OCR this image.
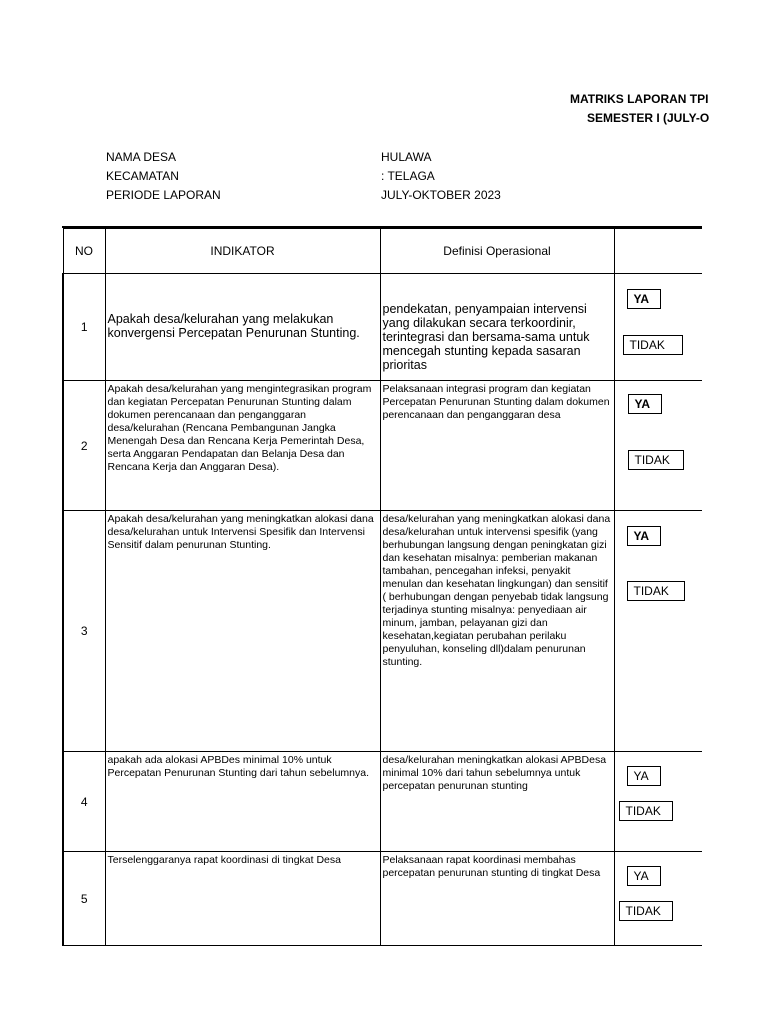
MATRIKS LAPORAN TPI
SEMESTER I (JULY-O
NAMA DESA	HULAWA
KECAMATAN	: TELAGA
PERIODE LAPORAN	JULY-OKTOBER 2023
NO	INDIKATOR	Definisi Operasional	
1	Apakah desa/kelurahan yang melakukan konvergensi Percepatan Penurunan Stunting.	pendekatan, penyampaian intervensi yang dilakukan secara terkoordinir, terintegrasi dan bersama-sama untuk mencegah stunting kepada sasaran prioritas	YA
TIDAK

2	Apakah desa/kelurahan yang mengintegrasikan program dan kegiatan Percepatan Penurunan Stunting dalam dokumen perencanaan dan penganggaran desa/kelurahan (Rencana Pembangunan Jangka Menengah Desa dan Rencana Kerja Pemerintah Desa, serta Anggaran Pendapatan dan Belanja Desa dan Rencana Kerja dan Anggaran Desa).	Pelaksanaan integrasi program dan kegiatan Percepatan Penurunan Stunting dalam dokumen perencanaan dan penganggaran desa	YA
TIDAK

3	Apakah desa/kelurahan yang meningkatkan alokasi dana desa/kelurahan untuk Intervensi Spesifik dan Intervensi Sensitif dalam penurunan Stunting.	desa/kelurahan yang meningkatkan alokasi dana desa/kelurahan untuk intervensi spesifik (yang berhubungan langsung dengan peningkatan gizi dan kesehatan misalnya: pemberian makanan tambahan, pencegahan infeksi, penyakit menulan dan kesehatan lingkungan) dan sensitif ( berhubungan dengan penyebab tidak langsung terjadinya stunting misalnya: penyediaan air minum, jamban, pelayanan gizi dan kesehatan,kegiatan perubahan perilaku penyuluhan, konseling dll)dalam penurunan stunting.	YA
TIDAK

4	apakah ada alokasi APBDes minimal 10% untuk Percepatan Penurunan Stunting dari tahun sebelumnya.	desa/kelurahan meningkatkan alokasi APBDesa minimal 10% dari tahun sebelumnya untuk percepatan penurunan stunting	YA
TIDAK

5	Terselenggaranya rapat koordinasi di tingkat Desa	Pelaksanaan rapat koordinasi membahas percepatan penurunan stunting di tingkat Desa	YA
TIDAK
